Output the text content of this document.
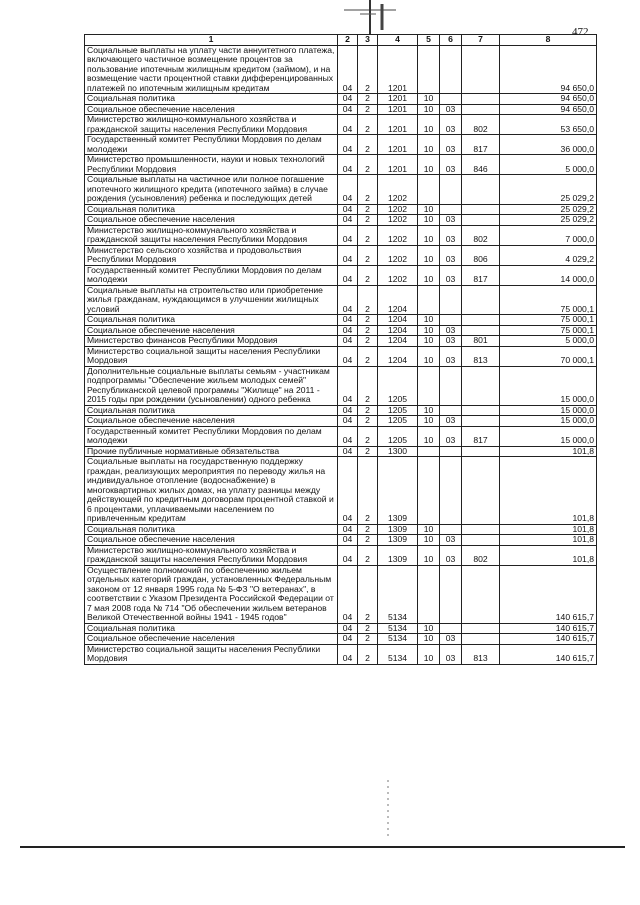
472
1	2	3	4	5	6	7	8
Социальные выплаты на уплату части аннуитетного платежа, включающего частичное возмещение процентов за пользование ипотечным жилищным кредитом (займом), и на возмещение части процентной ставки дифференцированных платежей по ипотечным жилищным кредитам	04	2	1201				94 650,0
Социальная политика	04	2	1201	10			94 650,0
Социальное обеспечение населения	04	2	1201	10	03		94 650,0
Министерство жилищно-коммунального хозяйства и гражданской защиты населения Республики Мордовия	04	2	1201	10	03	802	53 650,0
Государственный комитет Республики Мордовия по делам молодежи	04	2	1201	10	03	817	36 000,0
Министерство промышленности, науки и новых технологий Республики Мордовия	04	2	1201	10	03	846	5 000,0
Социальные выплаты на частичное или полное погашение ипотечного жилищного кредита (ипотечного займа) в случае рождения (усыновления) ребенка и последующих детей	04	2	1202				25 029,2
Социальная политика	04	2	1202	10			25 029,2
Социальное обеспечение населения	04	2	1202	10	03		25 029,2
Министерство жилищно-коммунального хозяйства и гражданской защиты населения Республики Мордовия	04	2	1202	10	03	802	7 000,0
Министерство сельского хозяйства и продовольствия Республики Мордовия	04	2	1202	10	03	806	4 029,2
Государственный комитет Республики Мордовия по делам молодежи	04	2	1202	10	03	817	14 000,0
Социальные выплаты на строительство или приобретение жилья гражданам, нуждающимся в улучшении жилищных условий	04	2	1204				75 000,1
Социальная политика	04	2	1204	10			75 000,1
Социальное обеспечение населения	04	2	1204	10	03		75 000,1
Министерство финансов Республики Мордовия	04	2	1204	10	03	801	5 000,0
Министерство социальной защиты населения Республики Мордовия	04	2	1204	10	03	813	70 000,1
Дополнительные социальные выплаты семьям - участникам подпрограммы "Обеспечение жильем молодых семей" Республиканской целевой программы "Жилище" на 2011 - 2015 годы при рождении (усыновлении) одного ребенка	04	2	1205				15 000,0
Социальная политика	04	2	1205	10			15 000,0
Социальное обеспечение населения	04	2	1205	10	03		15 000,0
Государственный комитет Республики Мордовия по делам молодежи	04	2	1205	10	03	817	15 000,0
Прочие публичные нормативные обязательства	04	2	1300				101,8
Социальные выплаты на государственную поддержку граждан, реализующих мероприятия по переводу жилья на индивидуальное отопление (водоснабжение) в многоквартирных жилых домах, на уплату разницы между действующей по кредитным договорам процентной ставкой и 6 процентами, уплачиваемыми населением по привлеченным кредитам	04	2	1309				101,8
Социальная политика	04	2	1309	10			101,8
Социальное обеспечение населения	04	2	1309	10	03		101,8
Министерство жилищно-коммунального хозяйства и гражданской защиты населения Республики Мордовия	04	2	1309	10	03	802	101,8
Осуществление полномочий по обеспечению жильем отдельных категорий граждан, установленных Федеральным законом от 12 января 1995 года № 5-ФЗ "О ветеранах", в соответствии с Указом Президента Российской Федерации от 7 мая 2008 года № 714 "Об обеспечении жильем ветеранов Великой Отечественной войны 1941 - 1945 годов"	04	2	5134				140 615,7
Социальная политика	04	2	5134	10			140 615,7
Социальное обеспечение населения	04	2	5134	10	03		140 615,7
Министерство социальной защиты населения Республики Мордовия	04	2	5134	10	03	813	140 615,7
